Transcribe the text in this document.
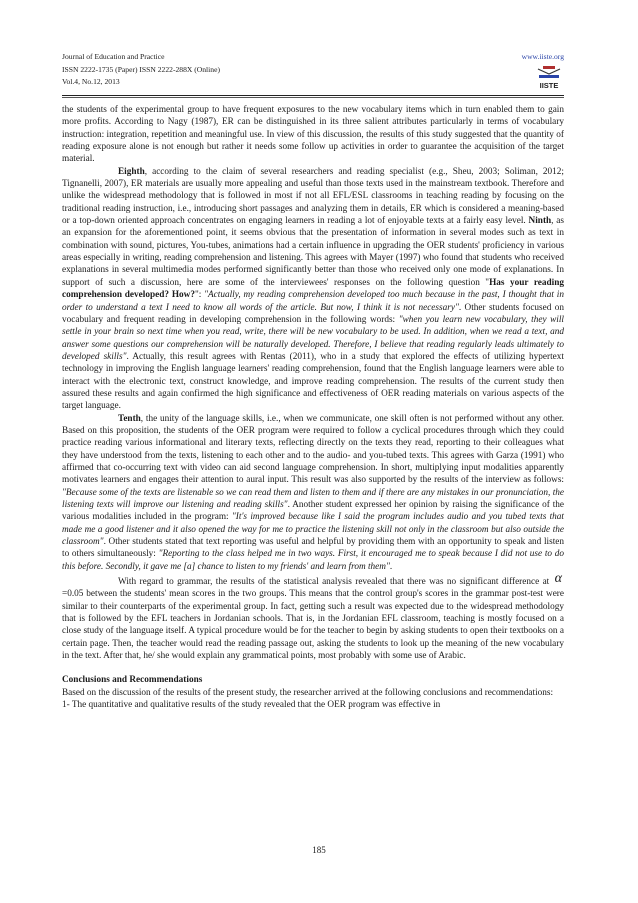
Journal of Education and Practice
ISSN 2222-1735 (Paper) ISSN 2222-288X (Online)
Vol.4, No.12, 2013
www.iiste.org
IISTE

the students of the experimental group to have frequent exposures to the new vocabulary items which in turn enabled them to gain more profits. According to Nagy (1987), ER can be distinguished in its three salient attributes particularly in terms of vocabulary instruction: integration, repetition and meaningful use. In view of this discussion, the results of this study suggested that the quantity of reading exposure alone is not enough but rather it needs some follow up activities in order to guarantee the acquisition of the target material.

Eighth, according to the claim of several researchers and reading specialist (e.g., Sheu, 2003; Soliman, 2012; Tignanelli, 2007), ER materials are usually more appealing and useful than those texts used in the mainstream textbook. Therefore and unlike the widespread methodology that is followed in most if not all EFL/ESL classrooms in teaching reading by focusing on the traditional reading instruction, i.e., introducing short passages and analyzing them in details, ER which is considered a meaning-based or a top-down oriented approach concentrates on engaging learners in reading a lot of enjoyable texts at a fairly easy level. Ninth, as an expansion for the aforementioned point, it seems obvious that the presentation of information in several modes such as text in combination with sound, pictures, You-tubes, animations had a certain influence in upgrading the OER students' proficiency in various areas especially in writing, reading comprehension and listening. This agrees with Mayer (1997) who found that students who received explanations in several multimedia modes performed significantly better than those who received only one mode of explanations. In support of such a discussion, here are some of the interviewees' responses on the following question "Has your reading comprehension developed? How?": "Actually, my reading comprehension developed too much because in the past, I thought that in order to understand a text I need to know all words of the article. But now, I think it is not necessary". Other students focused on vocabulary and frequent reading in developing comprehension in the following words: "when you learn new vocabulary, they will settle in your brain so next time when you read, write, there will be new vocabulary to be used. In addition, when we read a text, and answer some questions our comprehension will be naturally developed. Therefore, I believe that reading regularly leads ultimately to developed skills". Actually, this result agrees with Rentas (2011), who in a study that explored the effects of utilizing hypertext technology in improving the English language learners' reading comprehension, found that the English language learners were able to interact with the electronic text, construct knowledge, and improve reading comprehension. The results of the current study then assured these results and again confirmed the high significance and effectiveness of OER reading materials on various aspects of the target language.

Tenth, the unity of the language skills, i.e., when we communicate, one skill often is not performed without any other. Based on this proposition, the students of the OER program were required to follow a cyclical procedures through which they could practice reading various informational and literary texts, reflecting directly on the texts they read, reporting to their colleagues what they have understood from the texts, listening to each other and to the audio- and you-tubed texts. This agrees with Garza (1991) who affirmed that co-occurring text with video can aid second language comprehension. In short, multiplying input modalities apparently motivates learners and engages their attention to aural input. This result was also supported by the results of the interview as follows: "Because some of the texts are listenable so we can read them and listen to them and if there are any mistakes in our pronunciation, the listening texts will improve our listening and reading skills". Another student expressed her opinion by raising the significance of the various modalities included in the program: "It's improved because like I said the program includes audio and you tubed texts that made me a good listener and it also opened the way for me to practice the listening skill not only in the classroom but also outside the classroom". Other students stated that text reporting was useful and helpful by providing them with an opportunity to speak and listen to others simultaneously: "Reporting to the class helped me in two ways. First, it encouraged me to speak because I did not use to do this before. Secondly, it gave me [a] chance to listen to my friends' and learn from them".

With regard to grammar, the results of the statistical analysis revealed that there was no significant difference at α =0.05 between the students' mean scores in the two groups. This means that the control group's scores in the grammar post-test were similar to their counterparts of the experimental group. In fact, getting such a result was expected due to the widespread methodology that is followed by the EFL teachers in Jordanian schools. That is, in the Jordanian EFL classroom, teaching is mostly focused on a close study of the language itself. A typical procedure would be for the teacher to begin by asking students to open their textbooks on a certain page. Then, the teacher would read the reading passage out, asking the students to look up the meaning of the new vocabulary in the text. After that, he/ she would explain any grammatical points, most probably with some use of Arabic.

Conclusions and Recommendations

Based on the discussion of the results of the present study, the researcher arrived at the following conclusions and recommendations:

1- The quantitative and qualitative results of the study revealed that the OER program was effective in

185
